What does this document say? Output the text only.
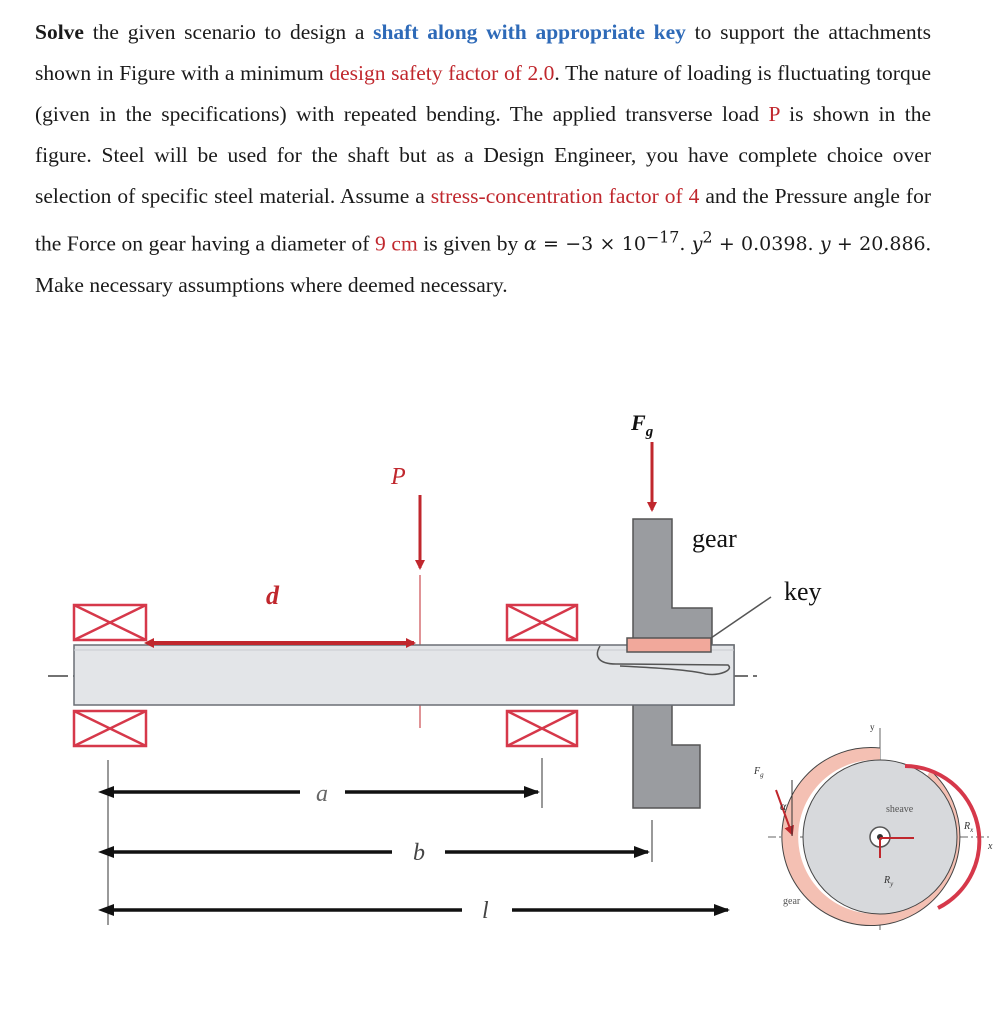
Solve the given scenario to design a shaft along with appropriate key to support the attachments shown in Figure with a minimum design safety factor of 2.0. The nature of loading is fluctuating torque (given in the specifications) with repeated bending. The applied transverse load P is shown in the figure. Steel will be used for the shaft but as a Design Engineer, you have complete choice over selection of specific steel material. Assume a stress-concentration factor of 4 and the Pressure angle for the Force on gear having a diameter of 9 cm is given by $\alpha = -3 \times 10^{-17}$. $y^2 + 0.0398$. y + 20.886. Make necessary assumptions where deemed necessary.
$F_g$
P
key
gear
d
a
b
l
y
x
$F_g$
α	sheave
$R_x$
$R_y$
gear
